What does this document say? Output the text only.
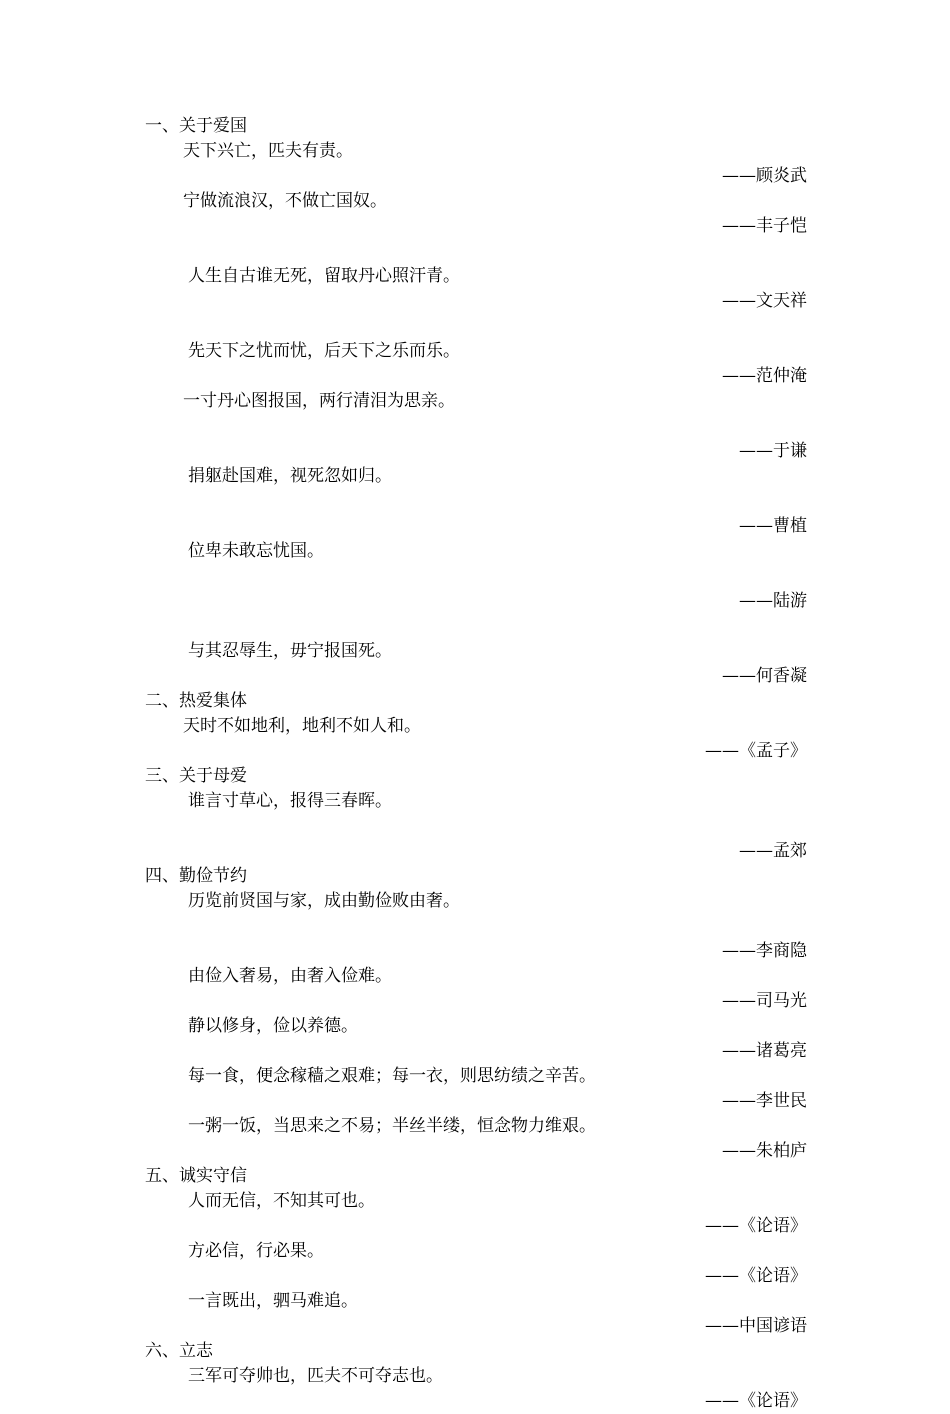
一、关于爱国
天下兴亡，匹夫有责。
——顾炎武
宁做流浪汉，不做亡国奴。
——丰子恺
人生自古谁无死，留取丹心照汗青。
——文天祥
先天下之忧而忧，后天下之乐而乐。
——范仲淹
一寸丹心图报国，两行清泪为思亲。
——于谦
捐躯赴国难，视死忽如归。
——曹植
位卑未敢忘忧国。
——陆游
与其忍辱生，毋宁报国死。
——何香凝
二、热爱集体
天时不如地利，地利不如人和。
——《孟子》
三、关于母爱
谁言寸草心，报得三春晖。
——孟郊
四、勤俭节约
历览前贤国与家，成由勤俭败由奢。
——李商隐
由俭入奢易，由奢入俭难。
——司马光
静以修身，俭以养德。
——诸葛亮
每一食，便念稼穑之艰难；每一衣，则思纺绩之辛苦。
——李世民
一粥一饭，当思来之不易；半丝半缕，恒念物力维艰。
——朱柏庐
五、诚实守信
人而无信，不知其可也。
——《论语》
方必信，行必果。
——《论语》
一言既出，驷马难追。
——中国谚语
六、立志
三军可夺帅也，匹夫不可夺志也。
——《论语》
